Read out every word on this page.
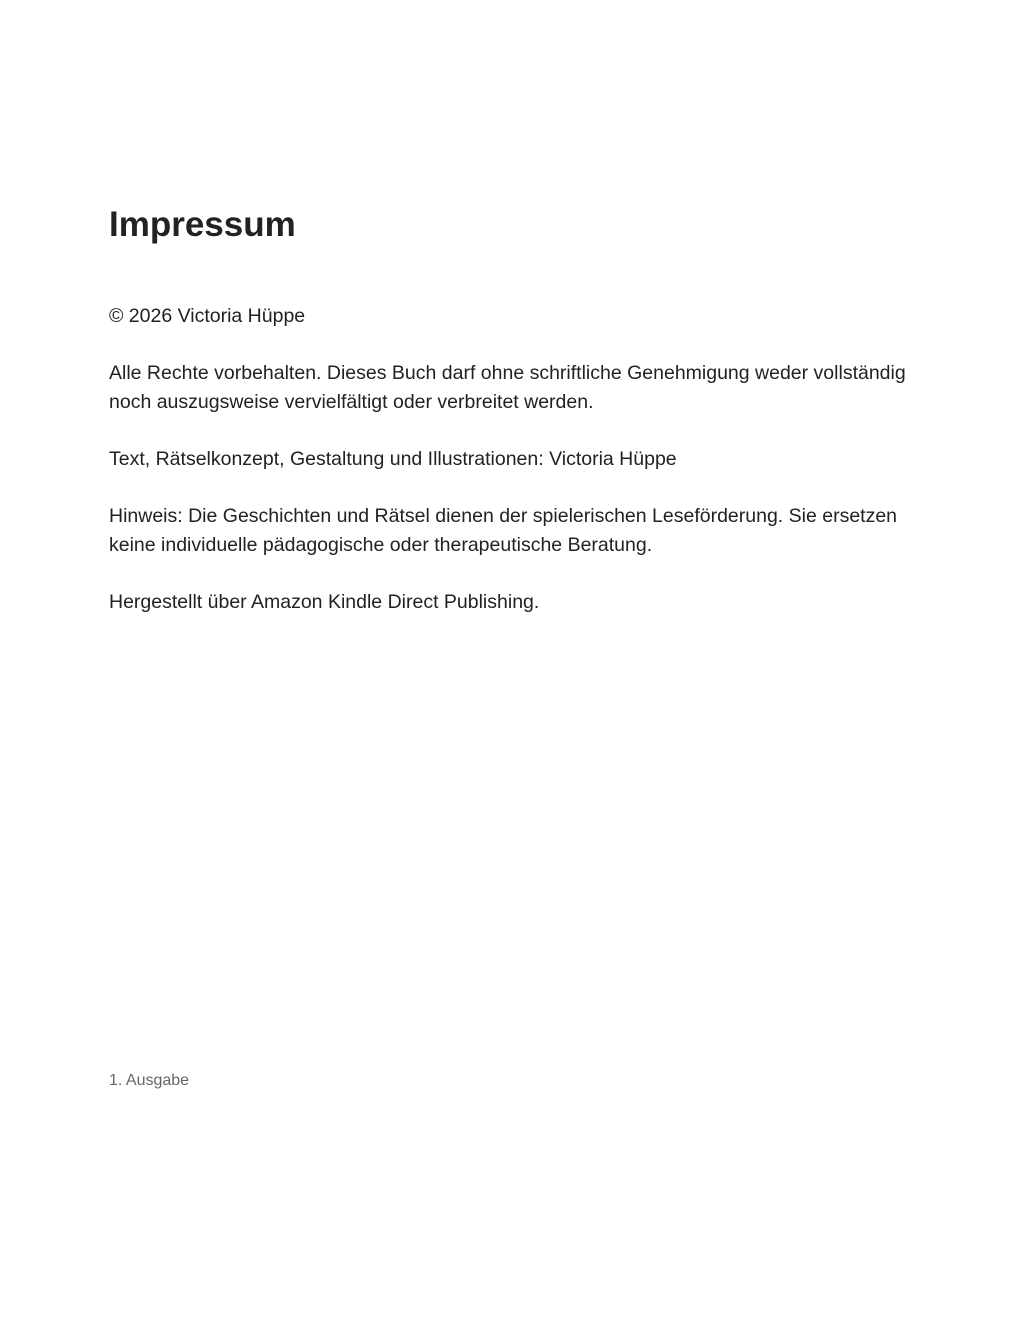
Impressum

© 2026 Victoria Hüppe

Alle Rechte vorbehalten. Dieses Buch darf ohne schriftliche Genehmigung weder vollständig noch auszugsweise vervielfältigt oder verbreitet werden.

Text, Rätselkonzept, Gestaltung und Illustrationen: Victoria Hüppe

Hinweis: Die Geschichten und Rätsel dienen der spielerischen Leseförderung. Sie ersetzen keine individuelle pädagogische oder therapeutische Beratung.

Hergestellt über Amazon Kindle Direct Publishing.

1. Ausgabe
